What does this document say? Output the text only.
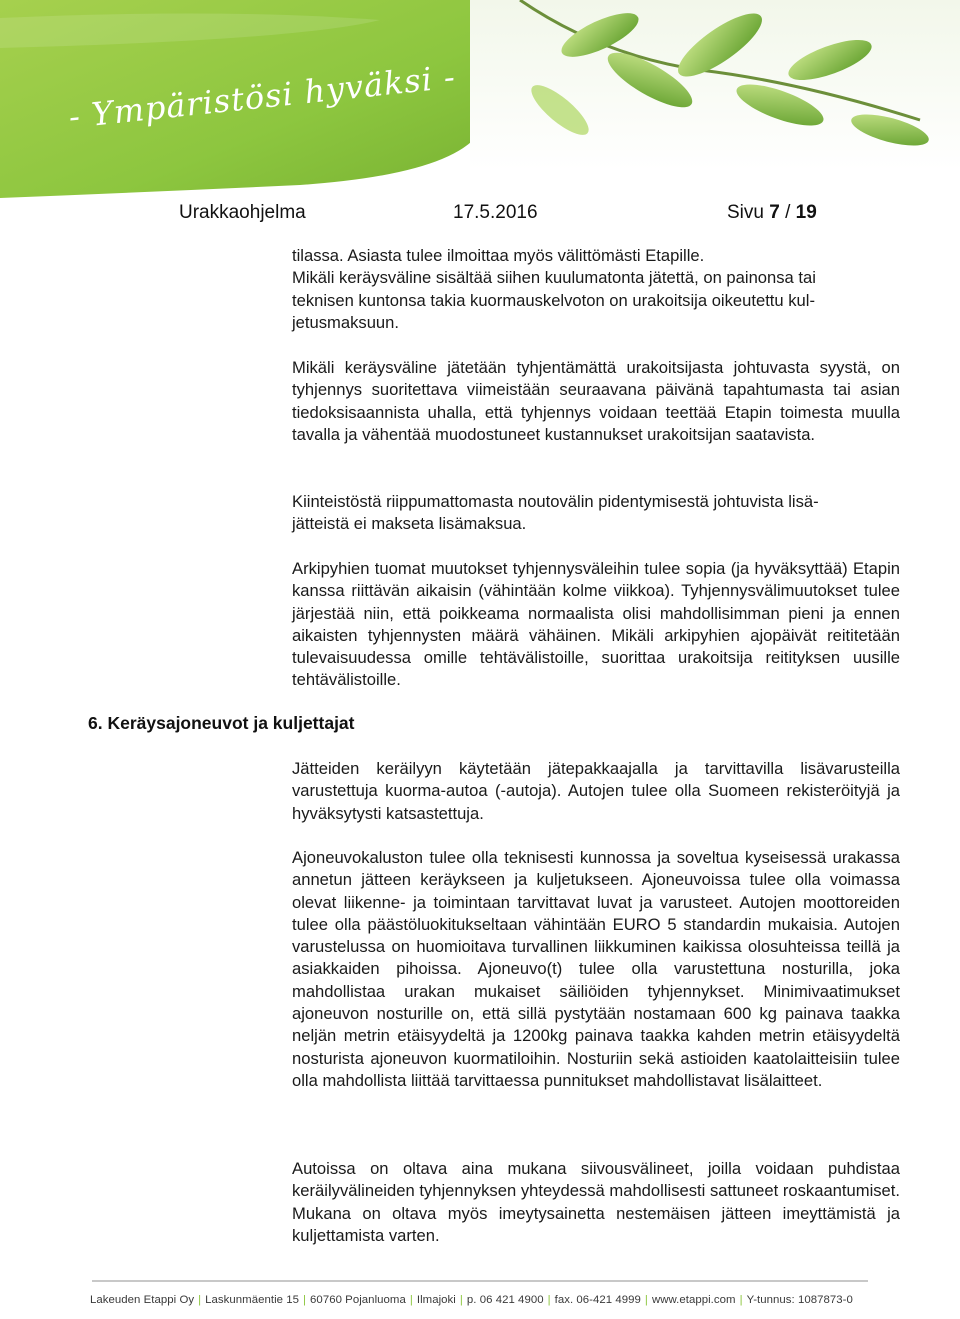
- Ympäristösi hyväksi -
Urakkaohjelma	17.5.2016	Sivu 7 / 19

tilassa. Asiasta tulee ilmoittaa myös välittömästi Etapille.
Mikäli keräysväline sisältää siihen kuulumatonta jätettä, on painonsa tai
teknisen kuntonsa takia kuormauskelvoton on urakoitsija oikeutettu kul-
jetusmaksuun.

Mikäli keräysväline jätetään tyhjentämättä urakoitsijasta johtuvasta syystä, on tyhjennys suoritettava viimeistään seuraavana päivänä tapahtumasta tai asian tiedoksisaannista uhalla, että tyhjennys voidaan teettää Etapin toimesta muulla tavalla ja vähentää muodostuneet kustannukset urakoitsijan saatavista.

Kiinteistöstä riippumattomasta noutovälin pidentymisestä johtuvista lisä-
jätteistä ei makseta lisämaksua.

Arkipyhien tuomat muutokset tyhjennysväleihin tulee sopia (ja hyväksyttää) Etapin kanssa riittävän aikaisin (vähintään kolme viikkoa). Tyhjennysvälimuutokset tulee järjestää niin, että poikkeama normaalista olisi mahdollisimman pieni ja ennen aikaisten tyhjennysten määrä vähäinen. Mikäli arkipyhien ajopäivät reititetään tulevaisuudessa omille tehtävälistoille, suorittaa urakoitsija reitityksen uusille tehtävälistoille.

6. Keräysajoneuvot ja kuljettajat

Jätteiden keräilyyn käytetään jätepakkaajalla ja tarvittavilla lisävarusteilla varustettuja kuorma-autoa (-autoja). Autojen tulee olla Suomeen rekisteröityjä ja hyväksytysti katsastettuja.

Ajoneuvokaluston tulee olla teknisesti kunnossa ja soveltua kyseisessä urakassa annetun jätteen keräykseen ja kuljetukseen. Ajoneuvoissa tulee olla voimassa olevat liikenne- ja toimintaan tarvittavat luvat ja varusteet. Autojen moottoreiden tulee olla päästöluokitukseltaan vähintään EURO 5 standardin mukaisia. Autojen varustelussa on huomioitava turvallinen liikkuminen kaikissa olosuhteissa teillä ja asiakkaiden pihoissa. Ajoneuvo(t) tulee olla varustettuna nosturilla, joka mahdollistaa urakan mukaiset säiliöiden tyhjennykset. Minimivaatimukset ajoneuvon nosturille on, että sillä pystytään nostamaan 600 kg painava taakka neljän metrin etäisyydeltä ja 1200kg painava taakka kahden metrin etäisyydeltä nosturista ajoneuvon kuormatiloihin. Nosturiin sekä astioiden kaatolaitteisiin tulee olla mahdollista liittää tarvittaessa punnitukset mahdollistavat lisälaitteet.

Autoissa on oltava aina mukana siivousvälineet, joilla voidaan puhdistaa keräilyvälineiden tyhjennyksen yhteydessä mahdollisesti sattuneet roskaantumiset. Mukana on oltava myös imeytysainetta nestemäisen jätteen imeyttämistä ja kuljettamista varten.

Lakeuden Etappi Oy | Laskunmäentie 15 | 60760 Pojanluoma | Ilmajoki | p. 06 421 4900 | fax. 06-421 4999 | www.etappi.com | Y-tunnus: 1087873-0
